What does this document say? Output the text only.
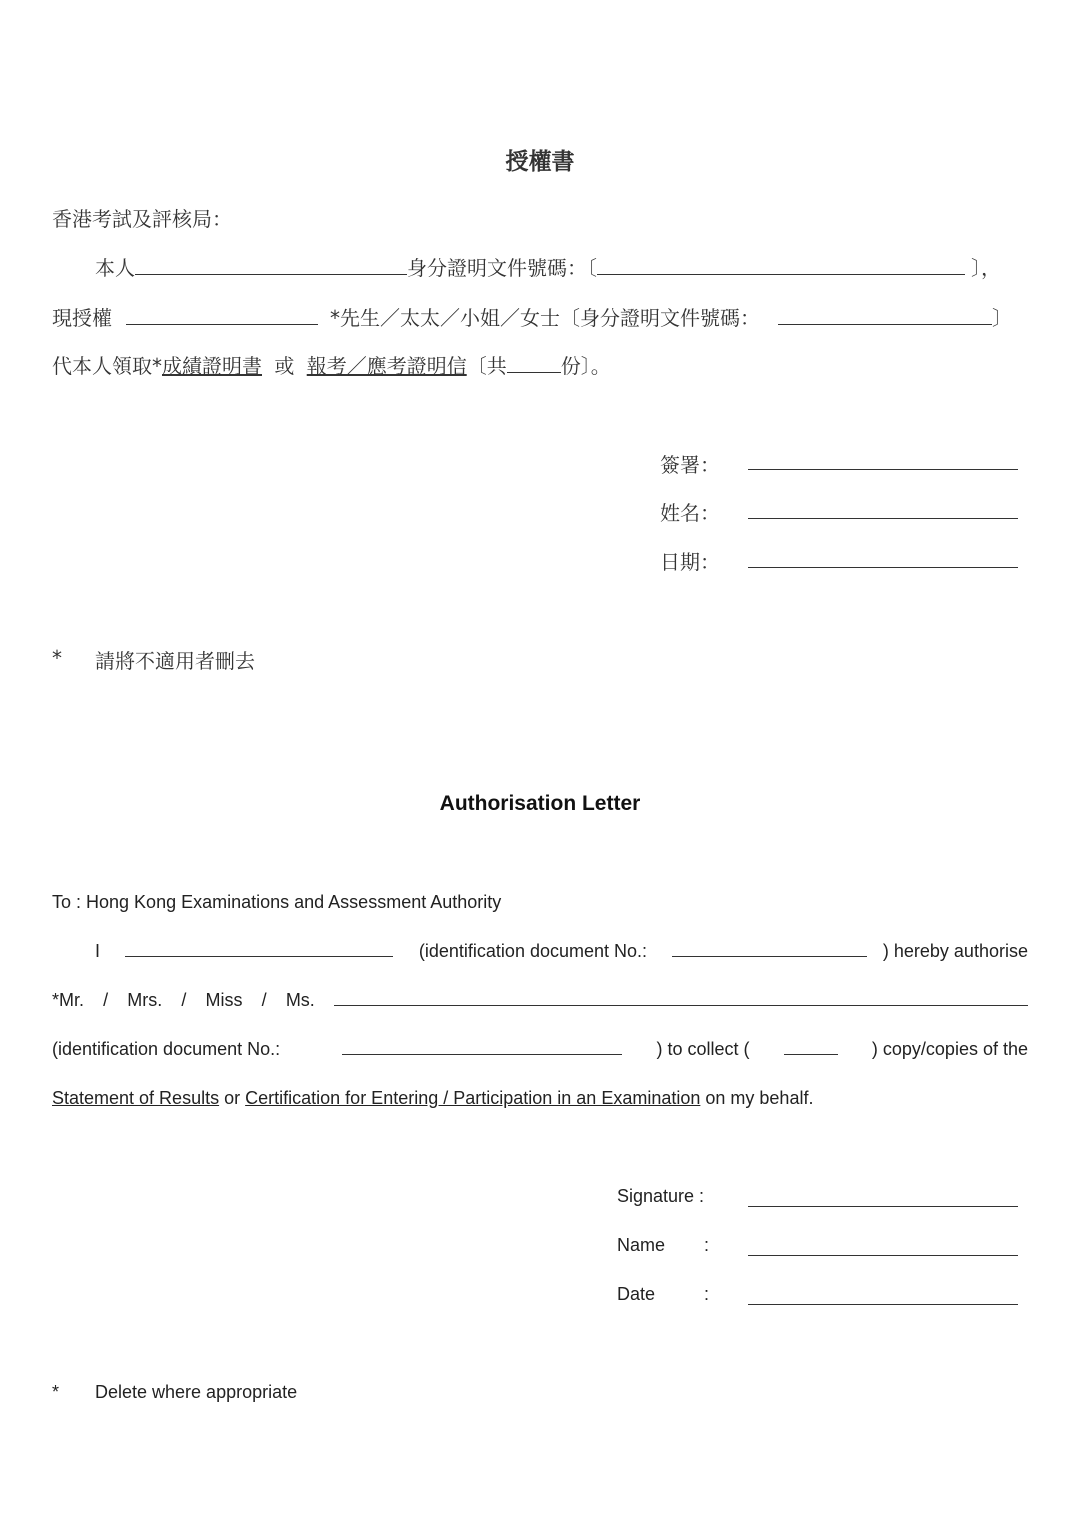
授權書
香港考試及評核局：
本人	身分證明文件號碼：〔	〕，
現授權	*先生／太太／小姐／女士〔身分證明文件號碼：	〕
代本人領取*成績證明書 或 報考／應考證明信〔共	份〕。
簽署：
姓名：
日期：
* 請將不適用者刪去
Authorisation Letter
To : Hong Kong Examinations and Assessment Authority
I	(identification document No.:	) hereby authorise
*Mr. / Mrs. / Miss / Ms.
(identification document No.:	) to collect (	) copy/copies of the
Statement of Results or Certification for Entering / Participation in an Examination on my behalf.
Signature :
Name :
Date	:
* Delete where appropriate
